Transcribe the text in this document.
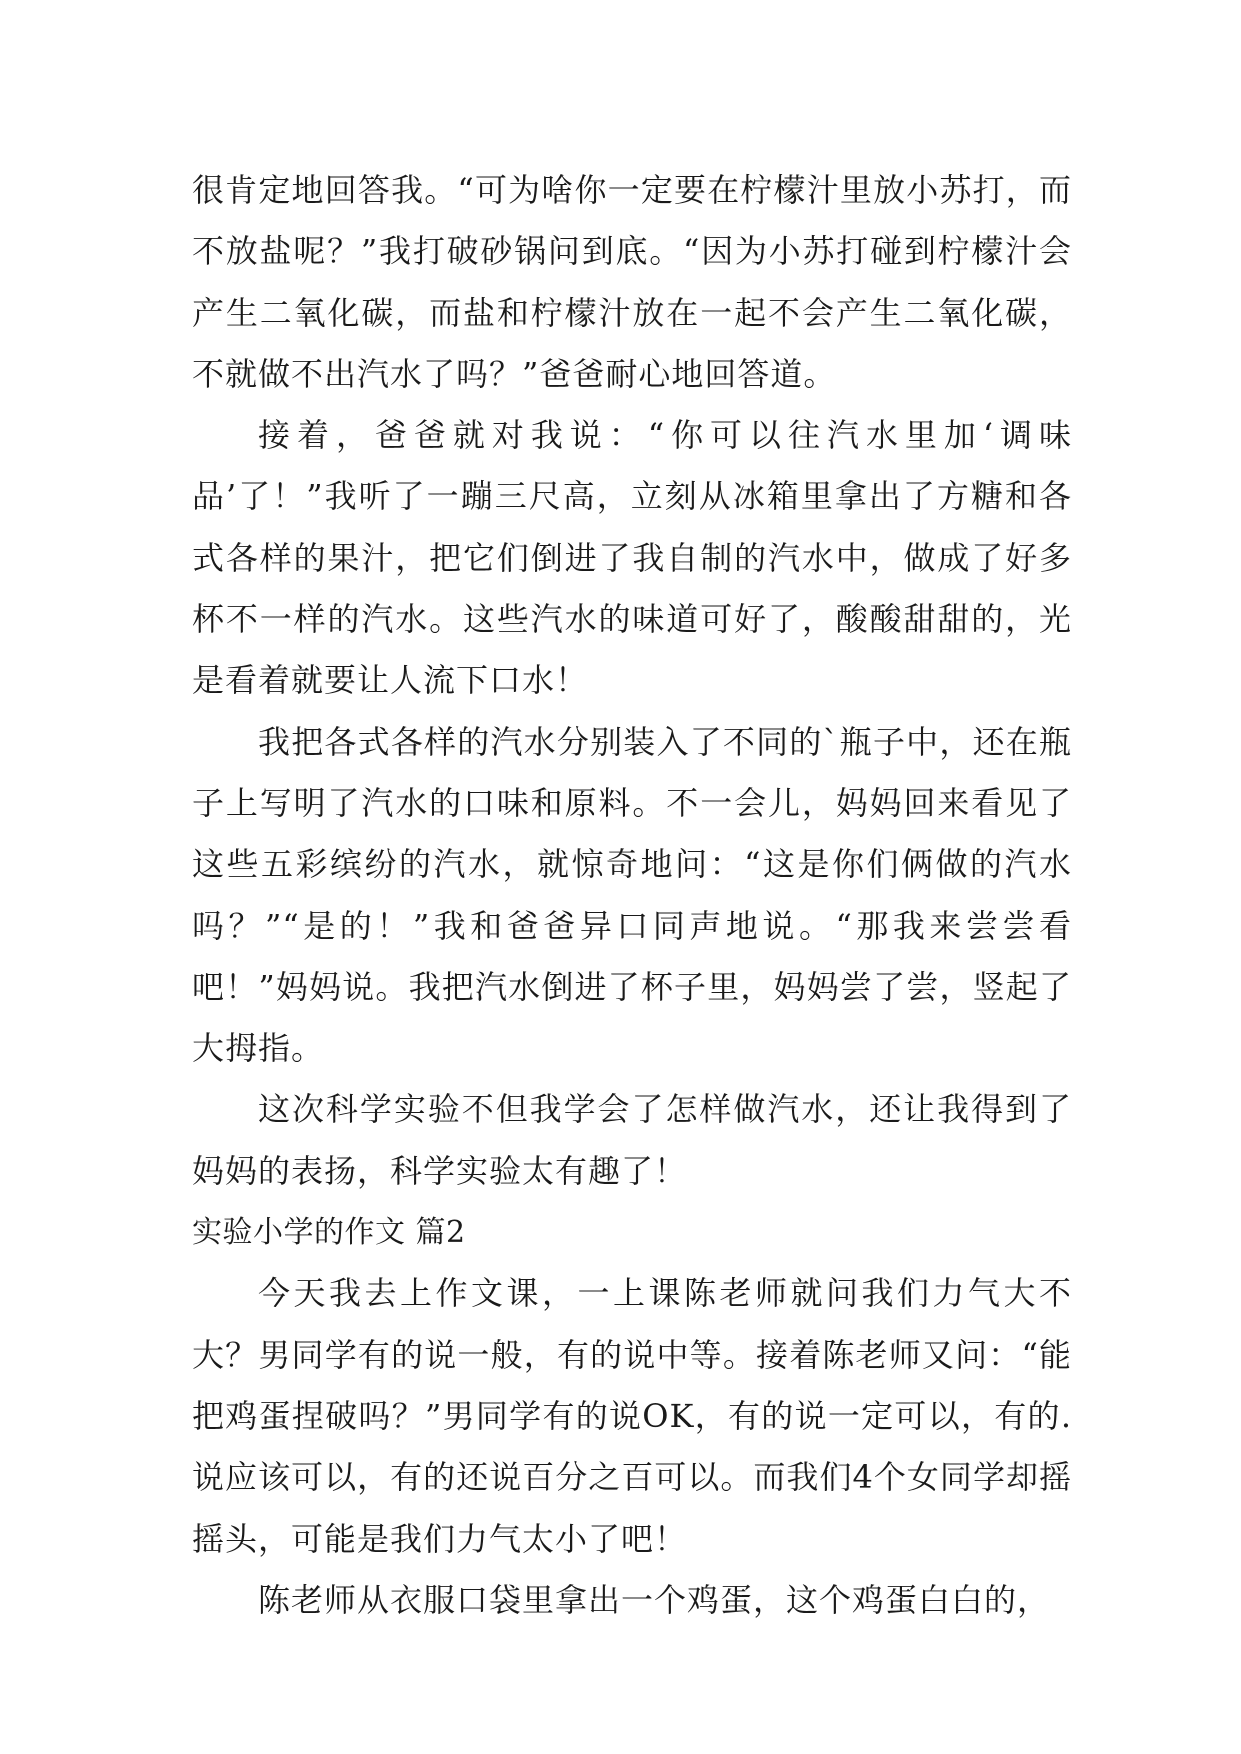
很肯定地回答我。“可为啥你一定要在柠檬汁里放小苏打，而不放盐呢？”我打破砂锅问到底。“因为小苏打碰到柠檬汁会产生二氧化碳，而盐和柠檬汁放在一起不会产生二氧化碳，不就做不出汽水了吗？”爸爸耐心地回答道。

接着，爸爸就对我说：“你可以往汽水里加‘调味品’了！”我听了一蹦三尺高，立刻从冰箱里拿出了方糖和各式各样的果汁，把它们倒进了我自制的汽水中，做成了好多杯不一样的汽水。这些汽水的味道可好了，酸酸甜甜的，光是看着就要让人流下口水！

我把各式各样的汽水分别装入了不同的`瓶子中，还在瓶子上写明了汽水的口味和原料。不一会儿，妈妈回来看见了这些五彩缤纷的汽水，就惊奇地问：“这是你们俩做的汽水吗？”“是的！”我和爸爸异口同声地说。“那我来尝尝看吧！”妈妈说。我把汽水倒进了杯子里，妈妈尝了尝，竖起了大拇指。

这次科学实验不但我学会了怎样做汽水，还让我得到了妈妈的表扬，科学实验太有趣了！

实验小学的作文 篇2

今天我去上作文课，一上课陈老师就问我们力气大不大？男同学有的说一般，有的说中等。接着陈老师又问：“能把鸡蛋捏破吗？”男同学有的说OK，有的说一定可以，有的.说应该可以，有的还说百分之百可以。而我们4个女同学却摇摇头，可能是我们力气太小了吧！

陈老师从衣服口袋里拿出一个鸡蛋，这个鸡蛋白白的，
